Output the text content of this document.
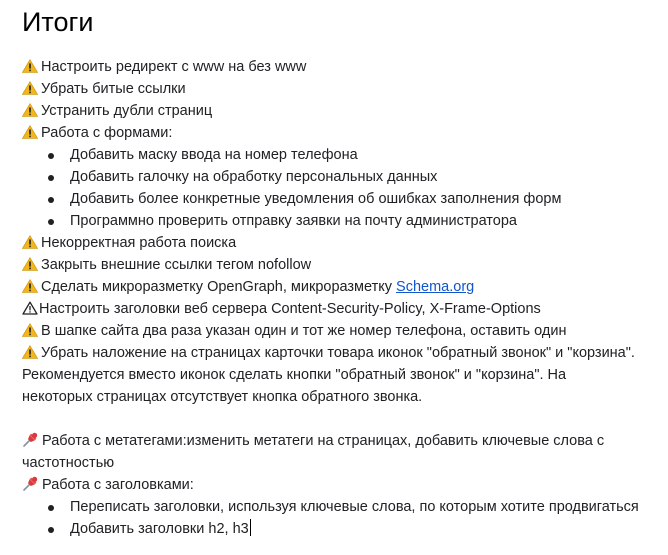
Итоги

Настроить редирект с www на без www

Убрать битые ссылки

Устранить дубли страниц

Работа с формами:

Добавить маску ввода на номер телефона
Добавить галочку на обработку персональных данных
Добавить более конкретные уведомления об ошибках заполнения форм
Программно проверить отправку заявки на почту администратора

Некорректная работа поиска

Закрыть внешние ссылки тегом nofollow

Сделать микроразметку OpenGraph, микроразметку Schema.org

Настроить заголовки веб сервера Content-Security-Policy, X-Frame-Options

В шапке сайта два раза указан один и тот же номер телефона, оставить один

Убрать наложение на страницах карточки товара иконок "обратный звонок" и "корзина".

Рекомендуется вместо иконок сделать кнопки "обратный звонок" и "корзина". На

некоторых страницах отсутствует кнопка обратного звонка.

Работа с метатегами:изменить метатеги на страницах, добавить ключевые слова с

частотностью

Работа с заголовками:

Переписать заголовки, используя ключевые слова, по которым хотите продвигаться
Добавить заголовки h2, h3
